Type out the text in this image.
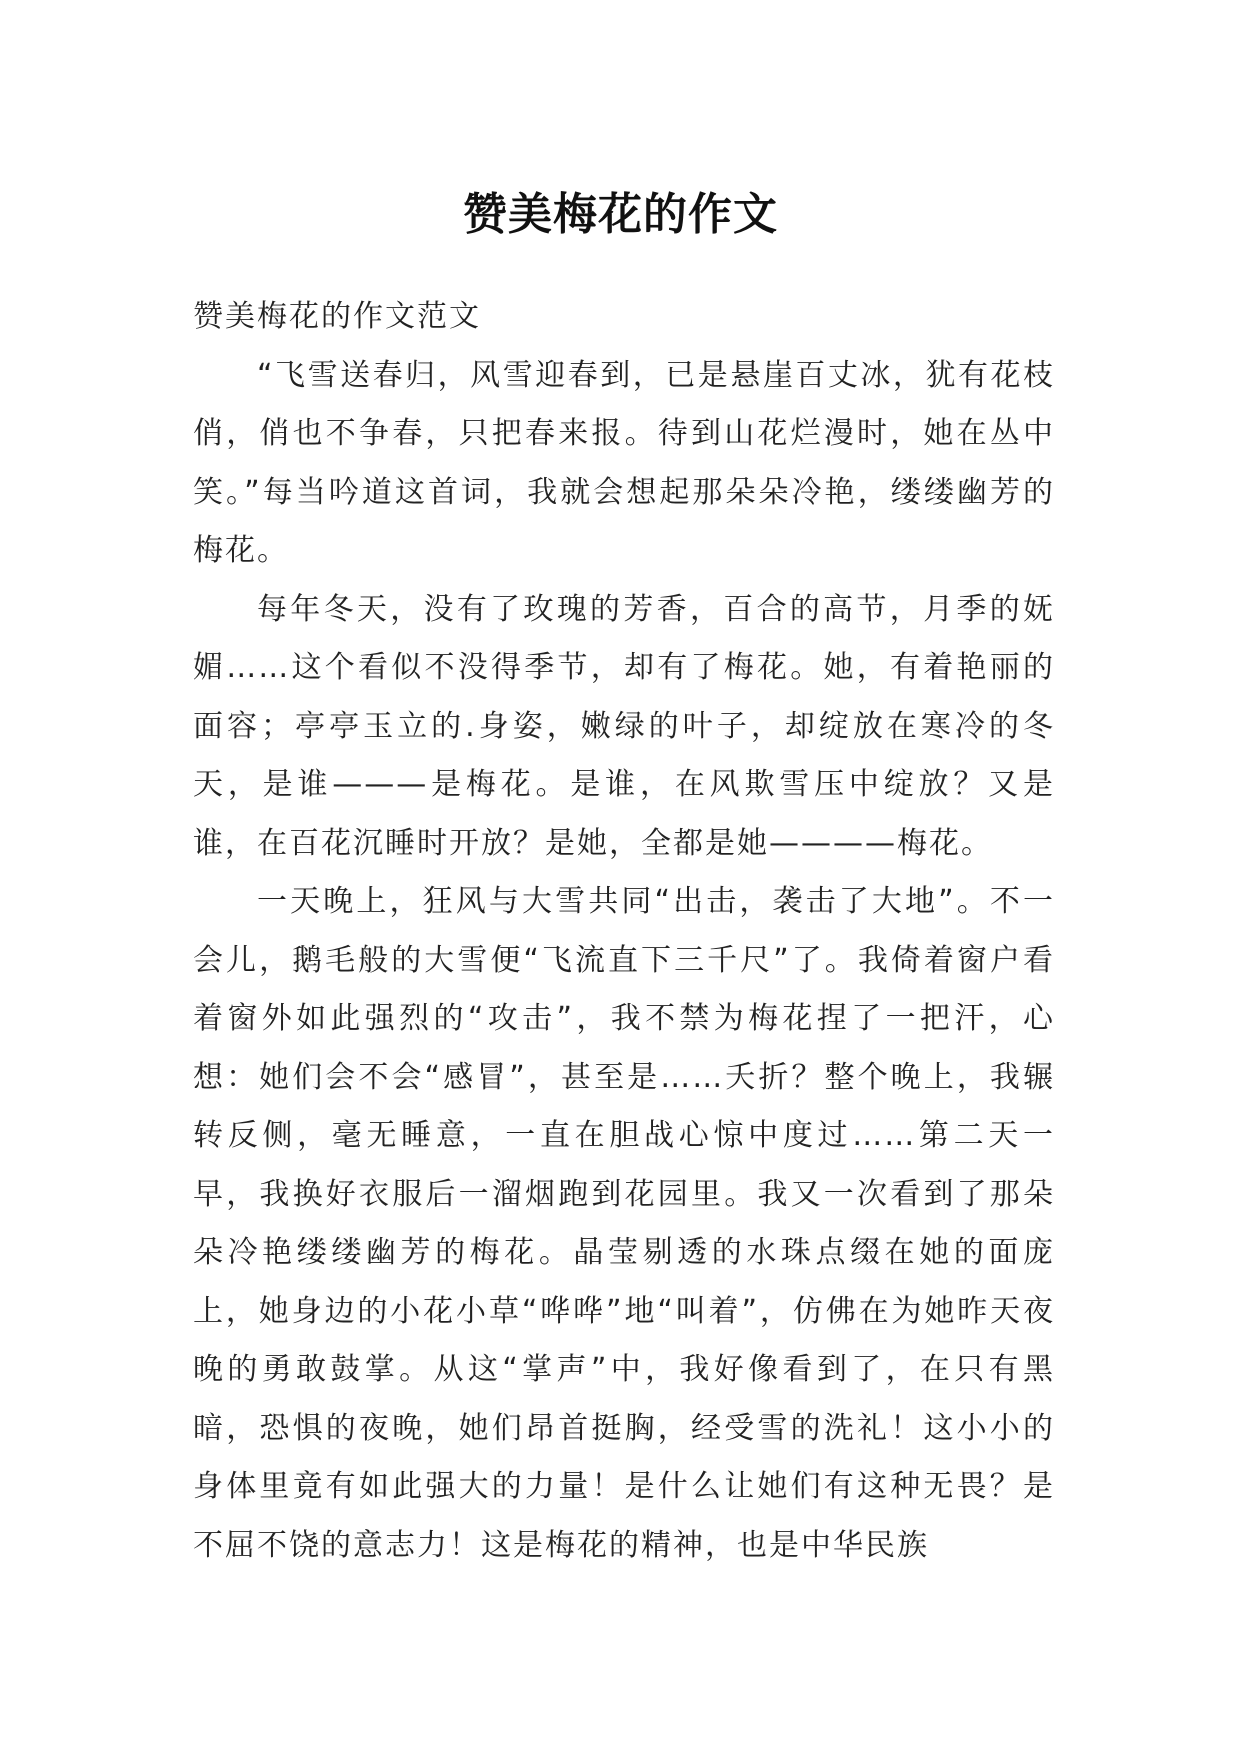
赞美梅花的作文

赞美梅花的作文范文

“飞雪送春归，风雪迎春到，已是悬崖百丈冰，犹有花枝俏，俏也不争春，只把春来报。待到山花烂漫时，她在丛中笑。”每当吟道这首词，我就会想起那朵朵冷艳，缕缕幽芳的梅花。

每年冬天，没有了玫瑰的芳香，百合的高节，月季的妩媚……这个看似不没得季节，却有了梅花。她，有着艳丽的面容；亭亭玉立的.身姿，嫩绿的叶子，却绽放在寒冷的冬天，是谁———是梅花。是谁，在风欺雪压中绽放？又是谁，在百花沉睡时开放？是她，全都是她————梅花。

一天晚上，狂风与大雪共同“出击，袭击了大地”。不一会儿，鹅毛般的大雪便“飞流直下三千尺”了。我倚着窗户看着窗外如此强烈的“攻击”，我不禁为梅花捏了一把汗，心想：她们会不会“感冒”，甚至是……夭折？整个晚上，我辗转反侧，毫无睡意，一直在胆战心惊中度过……第二天一早，我换好衣服后一溜烟跑到花园里。我又一次看到了那朵朵冷艳缕缕幽芳的梅花。晶莹剔透的水珠点缀在她的面庞上，她身边的小花小草“哗哗”地“叫着”，仿佛在为她昨天夜晚的勇敢鼓掌。从这“掌声”中，我好像看到了，在只有黑暗，恐惧的夜晚，她们昂首挺胸，经受雪的洗礼！这小小的身体里竟有如此强大的力量！是什么让她们有这种无畏？是不屈不饶的意志力！这是梅花的精神，也是中华民族
